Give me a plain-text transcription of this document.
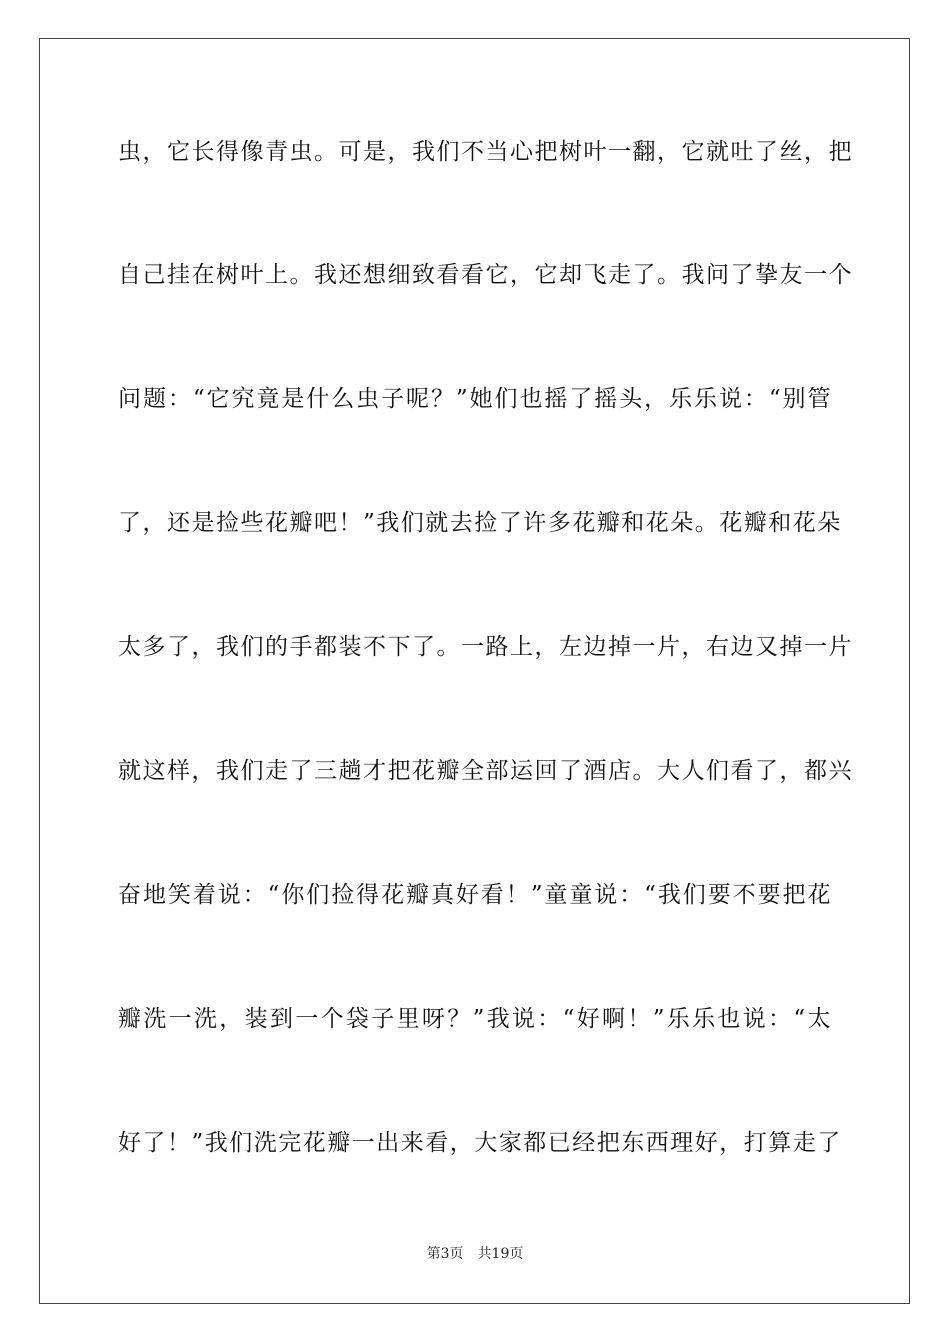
虫，它长得像青虫。可是，我们不当心把树叶一翻，它就吐了丝，把
自己挂在树叶上。我还想细致看看它，它却飞走了。我问了挚友一个
问题：“它究竟是什么虫子呢？”她们也摇了摇头，乐乐说：“别管
了，还是捡些花瓣吧！”我们就去捡了许多花瓣和花朵。花瓣和花朵
太多了，我们的手都装不下了。一路上，左边掉一片，右边又掉一片
就这样，我们走了三趟才把花瓣全部运回了酒店。大人们看了，都兴
奋地笑着说：“你们捡得花瓣真好看！”童童说：“我们要不要把花
瓣洗一洗，装到一个袋子里呀？”我说：“好啊！”乐乐也说：“太
好了！”我们洗完花瓣一出来看，大家都已经把东西理好，打算走了
第3页 共19页
